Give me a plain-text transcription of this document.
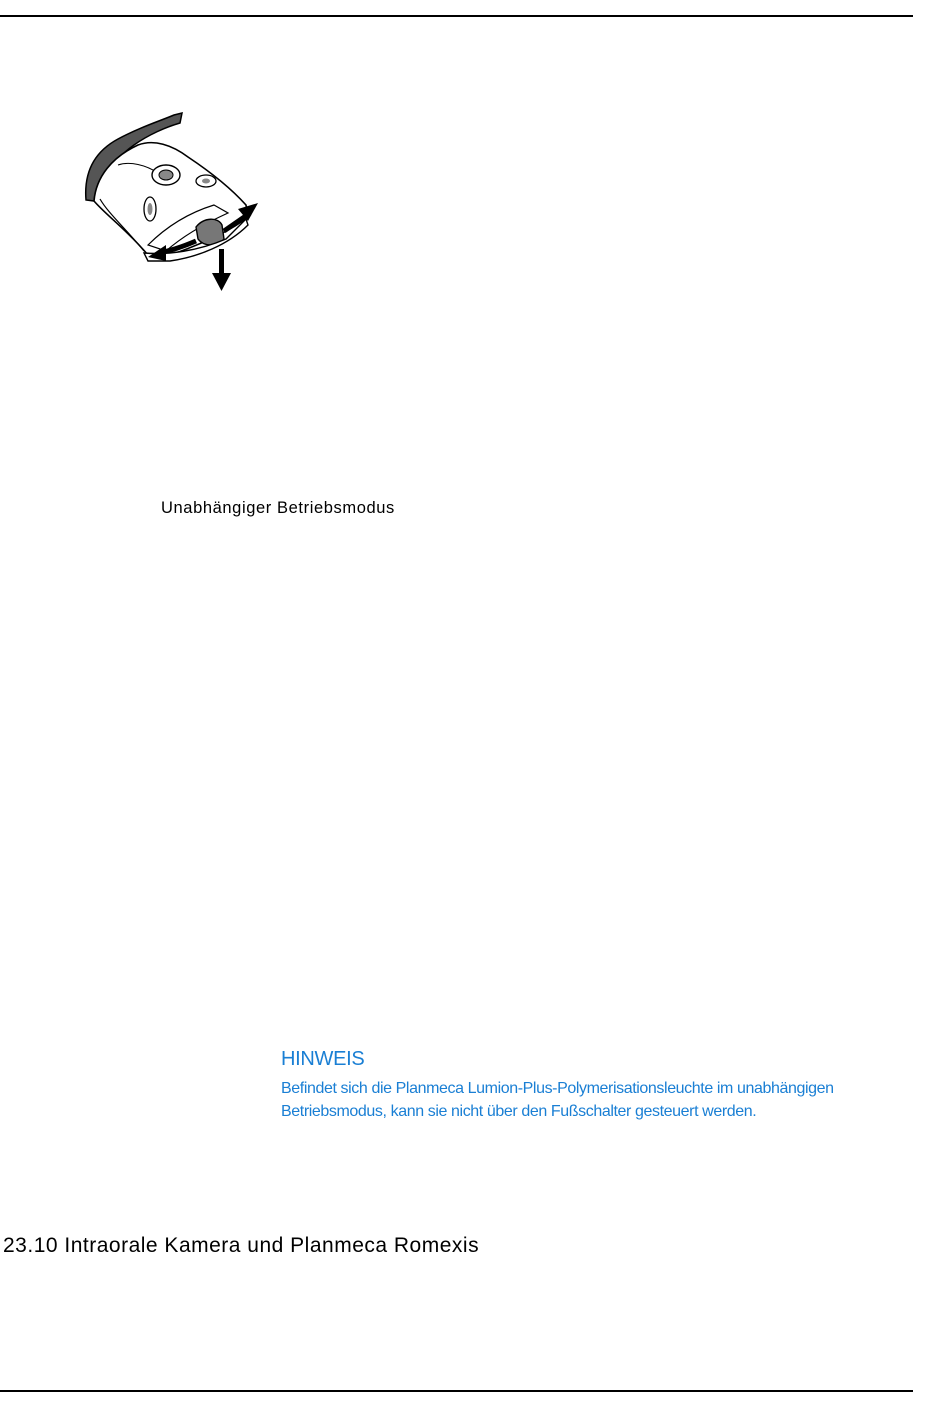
Unabhängiger Betriebsmodus
HINWEIS

Befindet sich die Planmeca Lumion-Plus-Polymerisationsleuchte im unabhängigen Betriebsmodus, kann sie nicht über den Fußschalter gesteuert werden.

23.10 Intraorale Kamera und Planmeca Romexis
